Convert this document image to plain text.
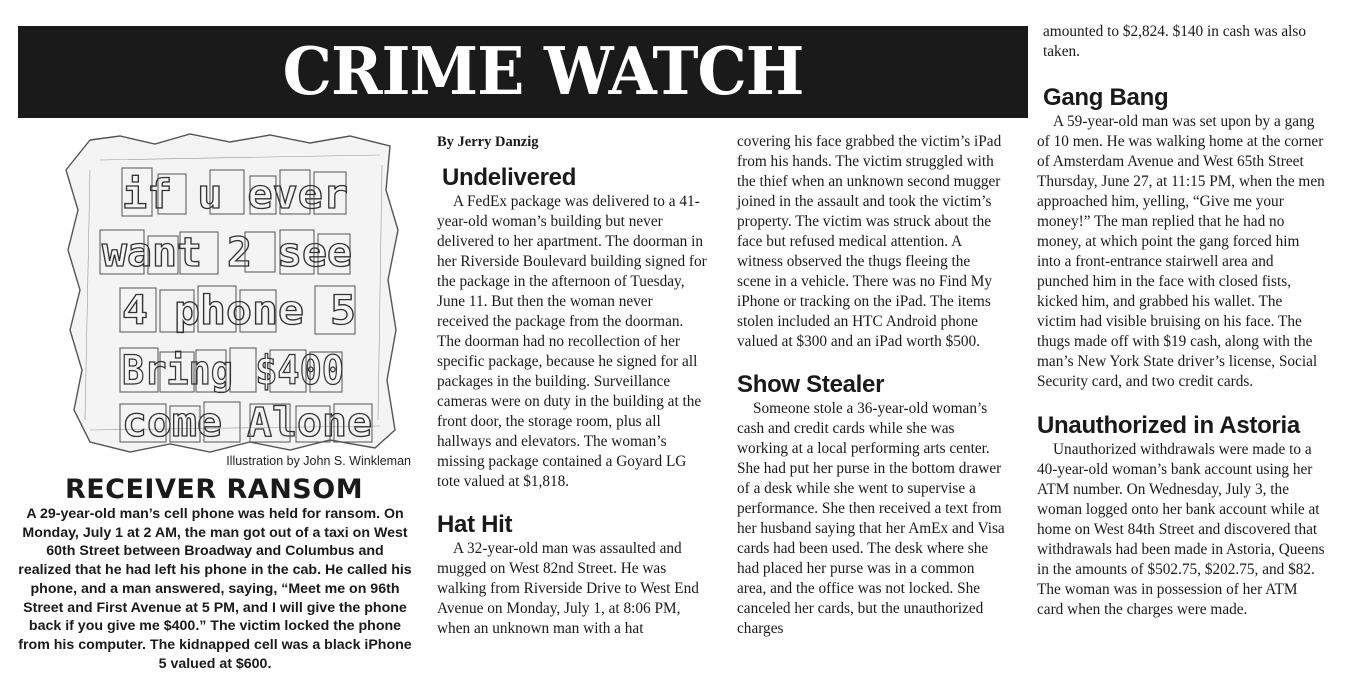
CRIME WATCH
if u ever
want 2 see
4 phone 5
Bring $400
come Alone
Illustration by John S. Winkleman
RECEIVER RANSOM
A 29-year-old man’s cell phone was held for ransom. On Monday, July 1 at 2 AM, the man got out of a taxi on West 60th Street between Broadway and Columbus and realized that he had left his phone in the cab. He called his phone, and a man answered, saying, “Meet me on 96th Street and First Avenue at 5 PM, and I will give the phone back if you give me $400.” The victim locked the phone from his computer. The kidnapped cell was a black iPhone 5 valued at $600.
By Jerry Danzig
Undelivered

A FedEx package was delivered to a 41-year-old woman’s building but never delivered to her apartment. The doorman in her Riverside Boulevard building signed for the package in the afternoon of Tuesday, June 11. But then the woman never received the package from the doorman. The doorman had no recollection of her specific package, because he signed for all packages in the building. Surveillance cameras were on duty in the building at the front door, the storage room, plus all hallways and elevators. The woman’s missing package contained a Goyard LG tote valued at $1,818.

Hat Hit

A 32-year-old man was assaulted and mugged on West 82nd Street. He was walking from Riverside Drive to West End Avenue on Monday, July 1, at 8:06 PM, when an unknown man with a hat

covering his face grabbed the victim’s iPad from his hands. The victim struggled with the thief when an unknown second mugger joined in the assault and took the victim’s property. The victim was struck about the face but refused medical attention. A witness observed the thugs fleeing the scene in a vehicle. There was no Find My iPhone or tracking on the iPad. The items stolen included an HTC Android phone valued at $300 and an iPad worth $500.

Show Stealer

Someone stole a 36-year-old woman’s cash and credit cards while she was working at a local performing arts center. She had put her purse in the bottom drawer of a desk while she went to supervise a performance. She then received a text from her husband saying that her AmEx and Visa cards had been used. The desk where she had placed her purse was in a common area, and the office was not locked. She canceled her cards, but the unauthorized charges

amounted to $2,824. $140 in cash was also taken.

Gang Bang

A 59-year-old man was set upon by a gang of 10 men. He was walking home at the corner of Amsterdam Avenue and West 65th Street Thursday, June 27, at 11:15 PM, when the men approached him, yelling, “Give me your money!” The man replied that he had no money, at which point the gang forced him into a front-entrance stairwell area and punched him in the face with closed fists, kicked him, and grabbed his wallet. The victim had visible bruising on his face. The thugs made off with $19 cash, along with the man’s New York State driver’s license, Social Security card, and two credit cards.

Unauthorized in Astoria

Unauthorized withdrawals were made to a 40-year-old woman’s bank account using her ATM number. On Wednesday, July 3, the woman logged onto her bank account while at home on West 84th Street and discovered that withdrawals had been made in Astoria, Queens in the amounts of $502.75, $202.75, and $82. The woman was in possession of her ATM card when the charges were made.
